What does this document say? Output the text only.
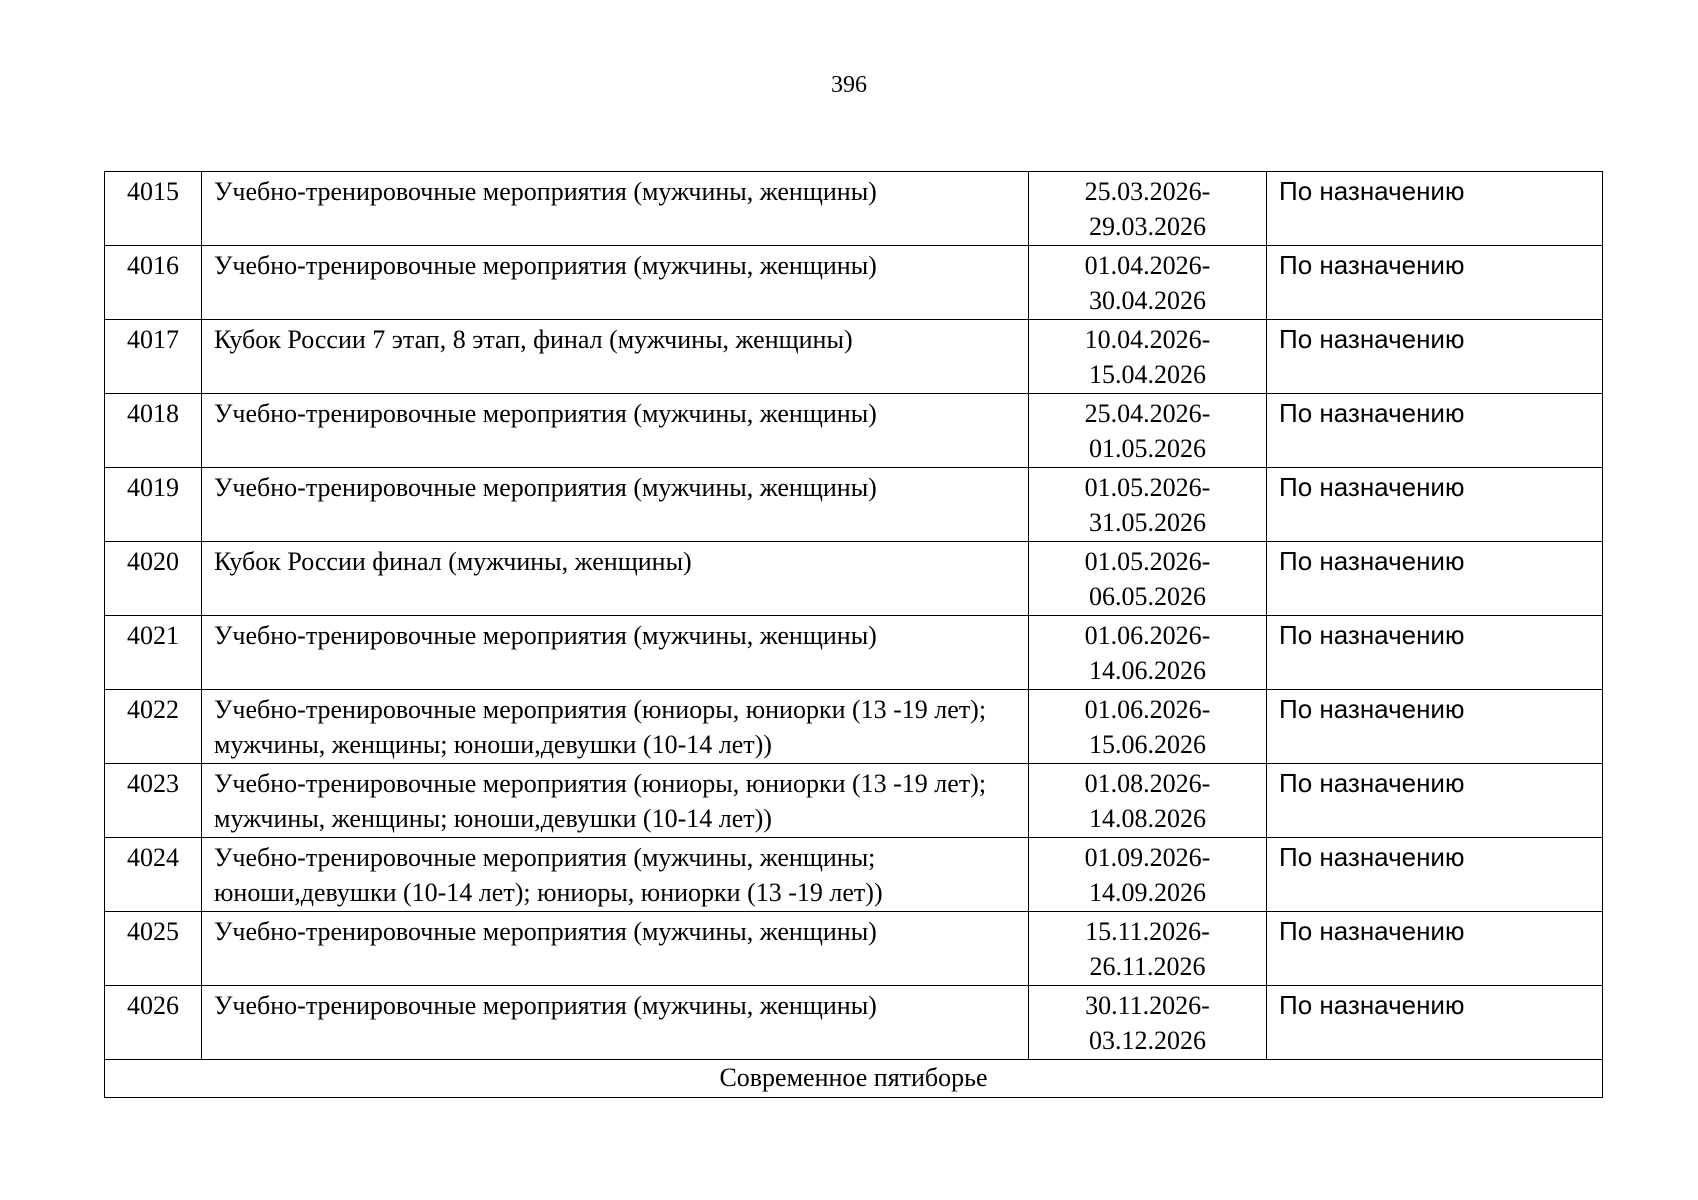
396
4015	Учебно-тренировочные мероприятия (мужчины, женщины)	25.03.2026-
29.03.2026	По назначению
4016	Учебно-тренировочные мероприятия (мужчины, женщины)	01.04.2026-
30.04.2026	По назначению
4017	Кубок России 7 этап, 8 этап, финал (мужчины, женщины)	10.04.2026-
15.04.2026	По назначению
4018	Учебно-тренировочные мероприятия (мужчины, женщины)	25.04.2026-
01.05.2026	По назначению
4019	Учебно-тренировочные мероприятия (мужчины, женщины)	01.05.2026-
31.05.2026	По назначению
4020	Кубок России финал (мужчины, женщины)	01.05.2026-
06.05.2026	По назначению
4021	Учебно-тренировочные мероприятия (мужчины, женщины)	01.06.2026-
14.06.2026	По назначению
4022	Учебно-тренировочные мероприятия (юниоры, юниорки (13 -19 лет); мужчины, женщины; юноши,девушки (10-14 лет))	01.06.2026-
15.06.2026	По назначению
4023	Учебно-тренировочные мероприятия (юниоры, юниорки (13 -19 лет); мужчины, женщины; юноши,девушки (10-14 лет))	01.08.2026-
14.08.2026	По назначению
4024	Учебно-тренировочные мероприятия (мужчины, женщины; юноши,девушки (10-14 лет); юниоры, юниорки (13 -19 лет))	01.09.2026-
14.09.2026	По назначению
4025	Учебно-тренировочные мероприятия (мужчины, женщины)	15.11.2026-
26.11.2026	По назначению
4026	Учебно-тренировочные мероприятия (мужчины, женщины)	30.11.2026-
03.12.2026	По назначению
Современное пятиборье			
